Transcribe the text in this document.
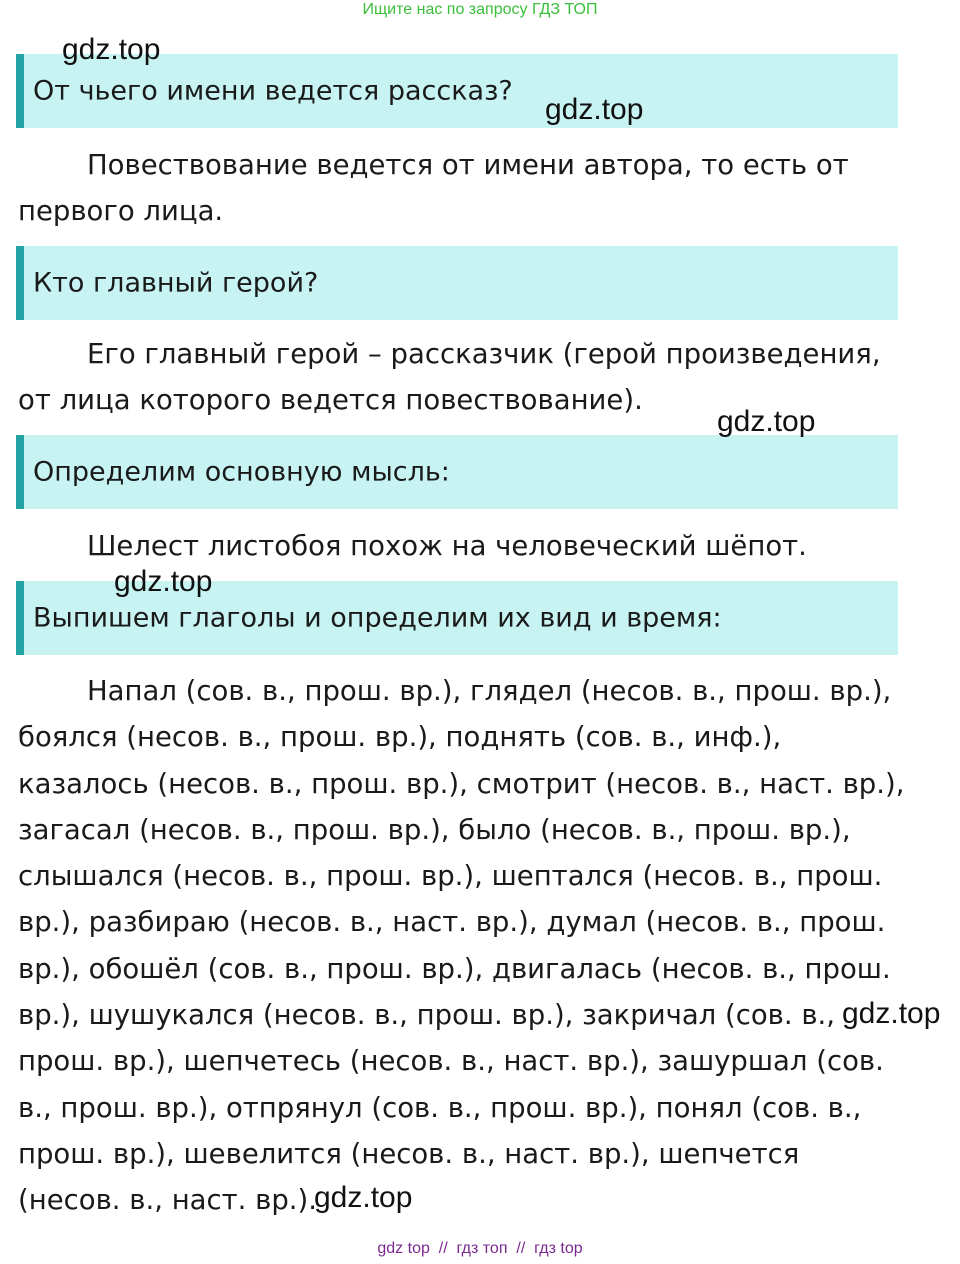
Ищите нас по запросу ГДЗ ТОП
От чьего имени ведется рассказ?

Повествование ведется от имени автора, то есть от первого лица.

Кто главный герой?

Его главный герой – рассказчик (герой произведения, от лица которого ведется повествование).

Определим основную мысль:

Шелест листобоя похож на человеческий шёпот.

Выпишем глаголы и определим их вид и время:

Напал (сов. в., прош. вр.), глядел (несов. в., прош. вр.), боялся (несов. в., прош. вр.), поднять (сов. в., инф.), казалось (несов. в., прош. вр.), смотрит (несов. в., наст. вр.), загасал (несов. в., прош. вр.), было (несов. в., прош. вр.), слышался (несов. в., прош. вр.), шептался (несов. в., прош. вр.), разбираю (несов. в., наст. вр.), думал (несов. в., прош. вр.), обошёл (сов. в., прош. вр.), двигалась (несов. в., прош. вр.), шушукался (несов. в., прош. вр.), закричал (сов. в., прош. вр.), шепчетесь (несов. в., наст. вр.), зашуршал (сов. в., прош. вр.), отпрянул (сов. в., прош. вр.), понял (сов. в., прош. вр.), шевелится (несов. в., наст. вр.), шепчется (несов. в., наст. вр.).

gdz.top
gdz.top
gdz.top
gdz.top
gdz.top
gdz.top
gdz top  //  гдз топ  //  гдз top
